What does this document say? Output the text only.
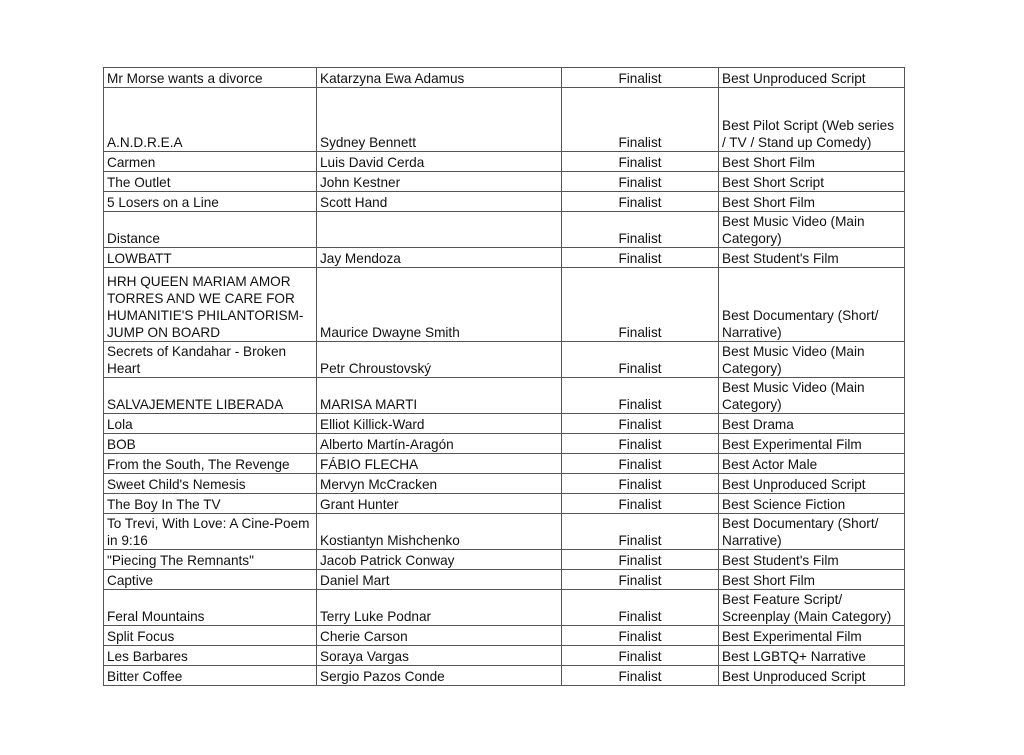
Mr Morse wants a divorce	Katarzyna Ewa Adamus	Finalist	Best Unproduced Script
A.N.D.R.E.A	Sydney Bennett	Finalist	Best Pilot Script (Web series / TV / Stand up Comedy)
Carmen	Luis David Cerda	Finalist	Best Short Film
The Outlet	John Kestner	Finalist	Best Short Script
5 Losers on a Line	Scott Hand	Finalist	Best Short Film
Distance		Finalist	Best Music Video (Main Category)
LOWBATT	Jay Mendoza	Finalist	Best Student's Film
HRH QUEEN MARIAM AMOR TORRES AND WE CARE FOR HUMANITIE'S PHILANTORISM-JUMP ON BOARD	Maurice Dwayne Smith	Finalist	Best Documentary (Short/ Narrative)
Secrets of Kandahar - Broken Heart	Petr Chroustovský	Finalist	Best Music Video (Main Category)
SALVAJEMENTE LIBERADA	MARISA MARTI	Finalist	Best Music Video (Main Category)
Lola	Elliot Killick-Ward	Finalist	Best Drama
BOB	Alberto Martín-Aragón	Finalist	Best Experimental Film
From the South, The Revenge	FÁBIO FLECHA	Finalist	Best Actor Male
Sweet Child's Nemesis	Mervyn McCracken	Finalist	Best Unproduced Script
The Boy In The TV	Grant Hunter	Finalist	Best Science Fiction
To Trevi, With Love: A Cine-Poem in 9:16	Kostiantyn Mishchenko	Finalist	Best Documentary (Short/ Narrative)
"Piecing The Remnants"	Jacob Patrick Conway	Finalist	Best Student's Film
Captive	Daniel Mart	Finalist	Best Short Film
Feral Mountains	Terry Luke Podnar	Finalist	Best Feature Script/ Screenplay (Main Category)
Split Focus	Cherie Carson	Finalist	Best Experimental Film
Les Barbares	Soraya Vargas	Finalist	Best LGBTQ+ Narrative
Bitter Coffee	Sergio Pazos Conde	Finalist	Best Unproduced Script
